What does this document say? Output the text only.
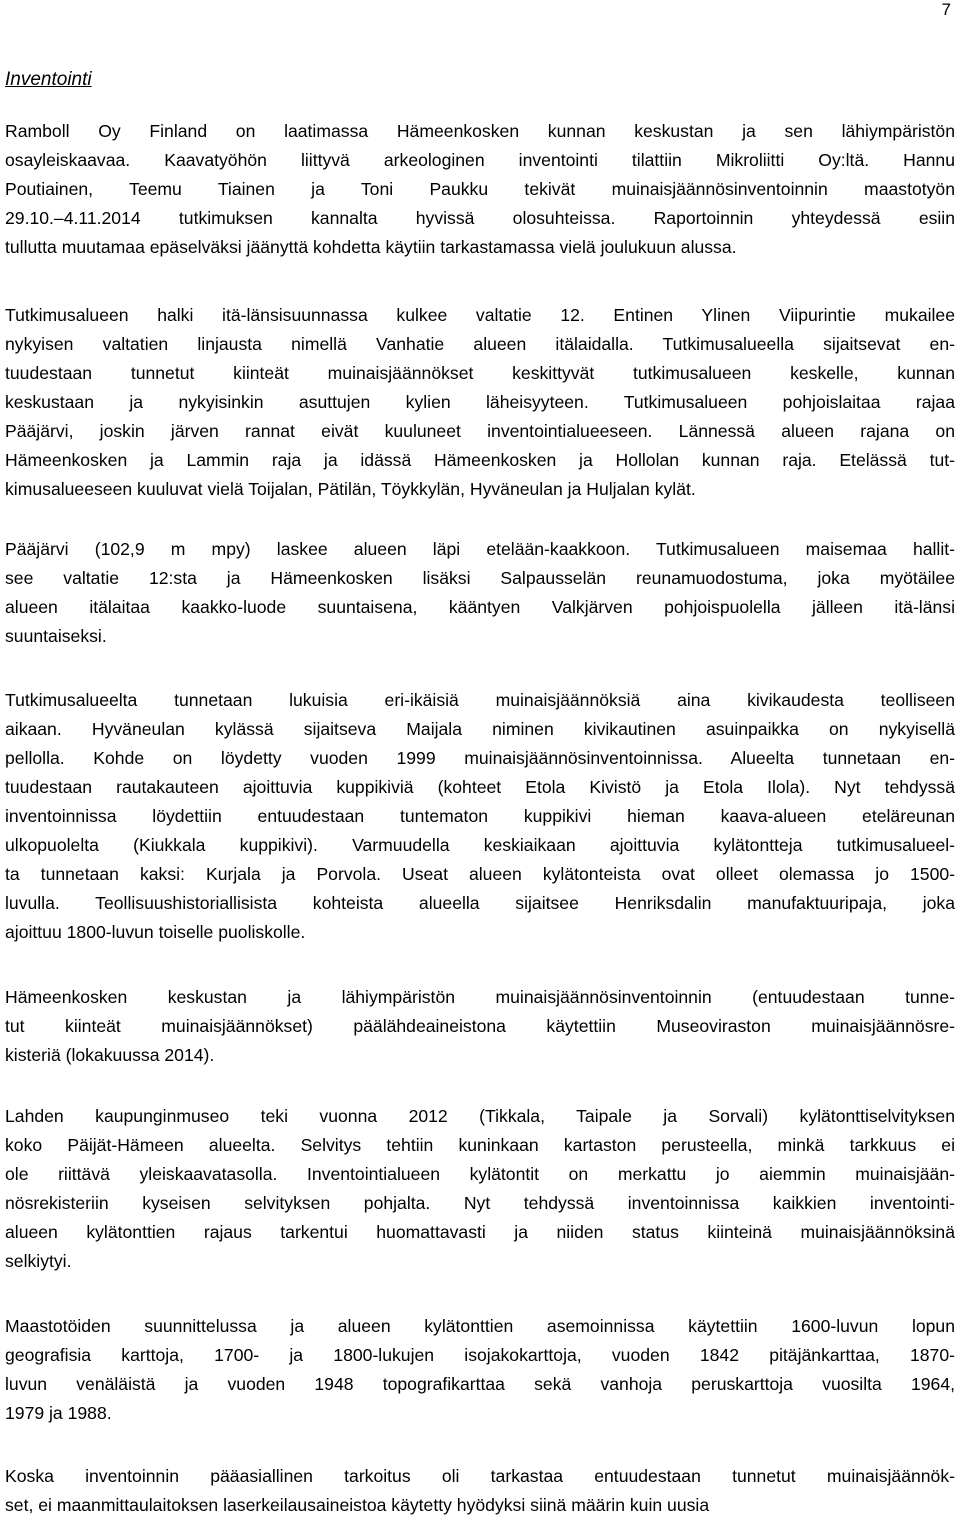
7
Inventointi
Ramboll Oy Finland on laatimassa Hämeenkosken kunnan keskustan ja sen lähiympäristön
osayleiskaavaa. Kaavatyöhön liittyvä arkeologinen inventointi tilattiin Mikroliitti Oy:ltä. Hannu
Poutiainen, Teemu Tiainen ja Toni Paukku tekivät muinaisjäännösinventoinnin maastotyön
29.10.–4.11.2014 tutkimuksen kannalta hyvissä olosuhteissa. Raportoinnin yhteydessä esiin
tullutta muutamaa epäselväksi jäänyttä kohdetta käytiin tarkastamassa vielä joulukuun alussa.
Tutkimusalueen halki itä-länsisuunnassa kulkee valtatie 12. Entinen Ylinen Viipurintie mukailee
nykyisen valtatien linjausta nimellä Vanhatie alueen itälaidalla. Tutkimusalueella sijaitsevat en-
tuudestaan tunnetut kiinteät muinaisjäännökset keskittyvät tutkimusalueen keskelle, kunnan
keskustaan ja nykyisinkin asuttujen kylien läheisyyteen. Tutkimusalueen pohjoislaitaa rajaa
Pääjärvi, joskin järven rannat eivät kuuluneet inventointialueeseen. Lännessä alueen rajana on
Hämeenkosken ja Lammin raja ja idässä Hämeenkosken ja Hollolan kunnan raja. Etelässä tut-
kimusalueeseen kuuluvat vielä Toijalan, Pätilän, Töykkylän, Hyväneulan ja Huljalan kylät.
Pääjärvi (102,9 m mpy) laskee alueen läpi etelään-kaakkoon. Tutkimusalueen maisemaa hallit-
see valtatie 12:sta ja Hämeenkosken lisäksi Salpausselän reunamuodostuma, joka myötäilee
alueen itälaitaa kaakko-luode suuntaisena, kääntyen Valkjärven pohjoispuolella jälleen itä-länsi
suuntaiseksi.
Tutkimusalueelta tunnetaan lukuisia eri-ikäisiä muinaisjäännöksiä aina kivikaudesta teolliseen
aikaan. Hyväneulan kylässä sijaitseva Maijala niminen kivikautinen asuinpaikka on nykyisellä
pellolla. Kohde on löydetty vuoden 1999 muinaisjäännösinventoinnissa. Alueelta tunnetaan en-
tuudestaan rautakauteen ajoittuvia kuppikiviä (kohteet Etola Kivistö ja Etola Ilola). Nyt tehdyssä
inventoinnissa löydettiin entuudestaan tuntematon kuppikivi hieman kaava-alueen eteläreunan
ulkopuolelta (Kiukkala kuppikivi). Varmuudella keskiaikaan ajoittuvia kylätontteja tutkimusalueel-
ta tunnetaan kaksi: Kurjala ja Porvola. Useat alueen kylätonteista ovat olleet olemassa jo 1500-
luvulla. Teollisuushistoriallisista kohteista alueella sijaitsee Henriksdalin manufaktuuripaja, joka
ajoittuu 1800-luvun toiselle puoliskolle.
Hämeenkosken keskustan ja lähiympäristön muinaisjäännösinventoinnin (entuudestaan tunne-
tut kiinteät muinaisjäännökset) päälähdeaineistona käytettiin Museoviraston muinaisjäännösre-
kisteriä (lokakuussa 2014).
Lahden kaupunginmuseo teki vuonna 2012 (Tikkala, Taipale ja Sorvali) kylätonttiselvityksen
koko Päijät-Hämeen alueelta. Selvitys tehtiin kuninkaan kartaston perusteella, minkä tarkkuus ei
ole riittävä yleiskaavatasolla. Inventointialueen kylätontit on merkattu jo aiemmin muinaisjään-
nösrekisteriin kyseisen selvityksen pohjalta. Nyt tehdyssä inventoinnissa kaikkien inventointi-
alueen kylätonttien rajaus tarkentui huomattavasti ja niiden status kiinteinä muinaisjäännöksinä
selkiytyi.
Maastotöiden suunnittelussa ja alueen kylätonttien asemoinnissa käytettiin 1600-luvun lopun
geografisia karttoja, 1700- ja 1800-lukujen isojakokarttoja, vuoden 1842 pitäjänkarttaa, 1870-
luvun venäläistä ja vuoden 1948 topografikarttaa sekä vanhoja peruskarttoja vuosilta 1964,
1979 ja 1988.
Koska inventoinnin pääasiallinen tarkoitus oli tarkastaa entuudestaan tunnetut muinaisjäännök-
set, ei maanmittaulaitoksen laserkeilausaineistoa käytetty hyödyksi siinä määrin kuin uusia
